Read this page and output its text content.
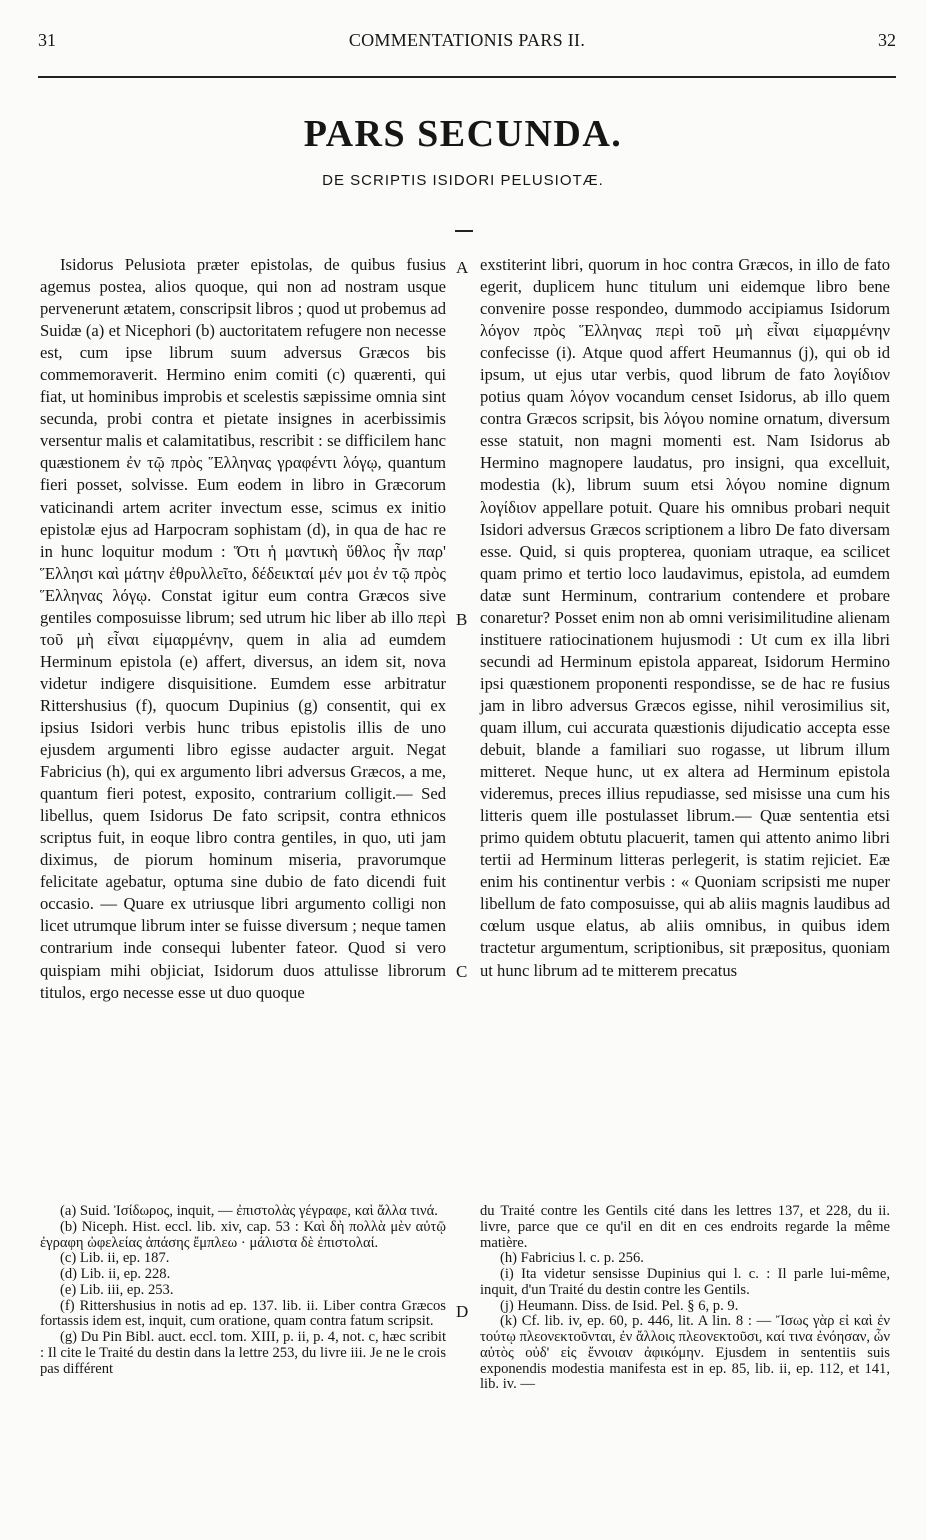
31	COMMENTATIONIS PARS II.	32
PARS SECUNDA.
DE SCRIPTIS ISIDORI PELUSIOTÆ.

Isidorus Pelusiota præter epistolas, de quibus fusius agemus postea, alios quoque, qui non ad nostram usque pervenerunt ætatem, conscripsit libros ; quod ut probemus ad Suidæ (a) et Nicephori (b) auctoritatem refugere non necesse est, cum ipse librum suum adversus Græcos bis commemoraverit. Hermino enim comiti (c) quærenti, qui fiat, ut hominibus improbis et scelestis sæpissime omnia sint secunda, probi contra et pietate insignes in acerbissimis versentur malis et calamitatibus, rescribit : se difficilem hanc quæstionem ἐν τῷ πρὸς Ἕλληνας γραφέντι λόγῳ, quantum fieri posset, solvisse. Eum eodem in libro in Græcorum vaticinandi artem acriter invectum esse, scimus ex initio epistolæ ejus ad Harpocram sophistam (d), in qua de hac re in hunc loquitur modum : Ὅτι ἡ μαντικὴ ὕθλος ἦν παρ' Ἕλλησι καὶ μάτην ἐθρυλλεῖτο, δέδεικταί μέν μοι ἐν τῷ πρὸς Ἕλληνας λόγῳ. Constat igitur eum contra Græcos sive gentiles composuisse librum; sed utrum hic liber ab illo περὶ τοῦ μὴ εἶναι εἱμαρμένην, quem in alia ad eumdem Herminum epistola (e) affert, diversus, an idem sit, nova videtur indigere disquisitione. Eumdem esse arbitratur Rittershusius (f), quocum Dupinius (g) consentit, qui ex ipsius Isidori verbis hunc tribus epistolis illis de uno ejusdem argumenti libro egisse audacter arguit. Negat Fabricius (h), qui ex argumento libri adversus Græcos, a me, quantum fieri potest, exposito, contrarium colligit.— Sed libellus, quem Isidorus De fato scripsit, contra ethnicos scriptus fuit, in eoque libro contra gentiles, in quo, uti jam diximus, de piorum hominum miseria, pravorumque felicitate agebatur, optuma sine dubio de fato dicendi fuit occasio. — Quare ex utriusque libri argumento colligi non licet utrumque librum inter se fuisse diversum ; neque tamen contrarium inde consequi lubenter fateor. Quod si vero quispiam mihi objiciat, Isidorum duos attulisse librorum titulos, ergo necesse esse ut duo quoque

A
B
C
D

exstiterint libri, quorum in hoc contra Græcos, in illo de fato egerit, duplicem hunc titulum uni eidemque libro bene convenire posse respondeo, dummodo accipiamus Isidorum λόγον πρὸς Ἕλληνας περὶ τοῦ μὴ εἶναι εἱμαρμένην confecisse (i). Atque quod affert Heumannus (j), qui ob id ipsum, ut ejus utar verbis, quod librum de fato λογίδιον potius quam λόγον vocandum censet Isidorus, ab illo quem contra Græcos scripsit, bis λόγου nomine ornatum, diversum esse statuit, non magni momenti est. Nam Isidorus ab Hermino magnopere laudatus, pro insigni, qua excelluit, modestia (k), librum suum etsi λόγου nomine dignum λογίδιον appellare potuit. Quare his omnibus probari nequit Isidori adversus Græcos scriptionem a libro De fato diversam esse. Quid, si quis propterea, quoniam utraque, ea scilicet quam primo et tertio loco laudavimus, epistola, ad eumdem datæ sunt Herminum, contrarium contendere et probare conaretur? Posset enim non ab omni verisimilitudine alienam instituere ratiocinationem hujusmodi : Ut cum ex illa libri secundi ad Herminum epistola appareat, Isidorum Hermino ipsi quæstionem proponenti respondisse, se de hac re fusius jam in libro adversus Græcos egisse, nihil verosimilius sit, quam illum, cui accurata quæstionis dijudicatio accepta esse debuit, blande a familiari suo rogasse, ut librum illum mitteret. Neque hunc, ut ex altera ad Herminum epistola videremus, preces illius repudiasse, sed misisse una cum his litteris quem ille postulasset librum.— Quæ sententia etsi primo quidem obtutu placuerit, tamen qui attento animo libri tertii ad Herminum litteras perlegerit, is statim rejiciet. Eæ enim his continentur verbis : « Quoniam scripsisti me nuper libellum de fato composuisse, qui ab aliis magnis laudibus ad cœlum usque elatus, ab aliis omnibus, in quibus idem tractetur argumentum, scriptionibus, sit præpositus, quoniam ut hunc librum ad te mitterem precatus

(a) Suid. Ἰσίδωρος, inquit, — ἐπιστολὰς γέγραφε, καὶ ἄλλα τινά.

(b) Niceph. Hist. eccl. lib. xiv, cap. 53 : Καὶ δὴ πολλὰ μὲν αὐτῷ ἐγραφη ὠφελείας ἁπάσης ἔμπλεω · μάλιστα δὲ ἐπιστολαί.

(c) Lib. ii, ep. 187.

(d) Lib. ii, ep. 228.

(e) Lib. iii, ep. 253.

(f) Rittershusius in notis ad ep. 137. lib. ii. Liber contra Græcos fortassis idem est, inquit, cum oratione, quam contra fatum scripsit.

(g) Du Pin Bibl. auct. eccl. tom. XIII, p. ii, p. 4, not. c, hæc scribit : Il cite le Traité du destin dans la lettre 253, du livre iii. Je ne le crois pas différent

du Traité contre les Gentils cité dans les lettres 137, et 228, du ii. livre, parce que ce qu'il en dit en ces endroits regarde la même matière.

(h) Fabricius l. c. p. 256.

(i) Ita videtur sensisse Dupinius qui l. c. : Il parle lui-même, inquit, d'un Traité du destin contre les Gentils.

(j) Heumann. Diss. de Isid. Pel. § 6, p. 9.

(k) Cf. lib. iv, ep. 60, p. 446, lit. A lin. 8 : — Ἴσως γὰρ εἰ καὶ ἐν τούτῳ πλεονεκτοῦνται, ἐν ἄλλοις πλεονεκτοῦσι, καί τινα ἐνόησαν, ὧν αὐτὸς οὐδ' εἰς ἔννοιαν ἀφικόμην. Ejusdem in sententiis suis exponendis modestia manifesta est in ep. 85, lib. ii, ep. 112, et 141, lib. iv. —
